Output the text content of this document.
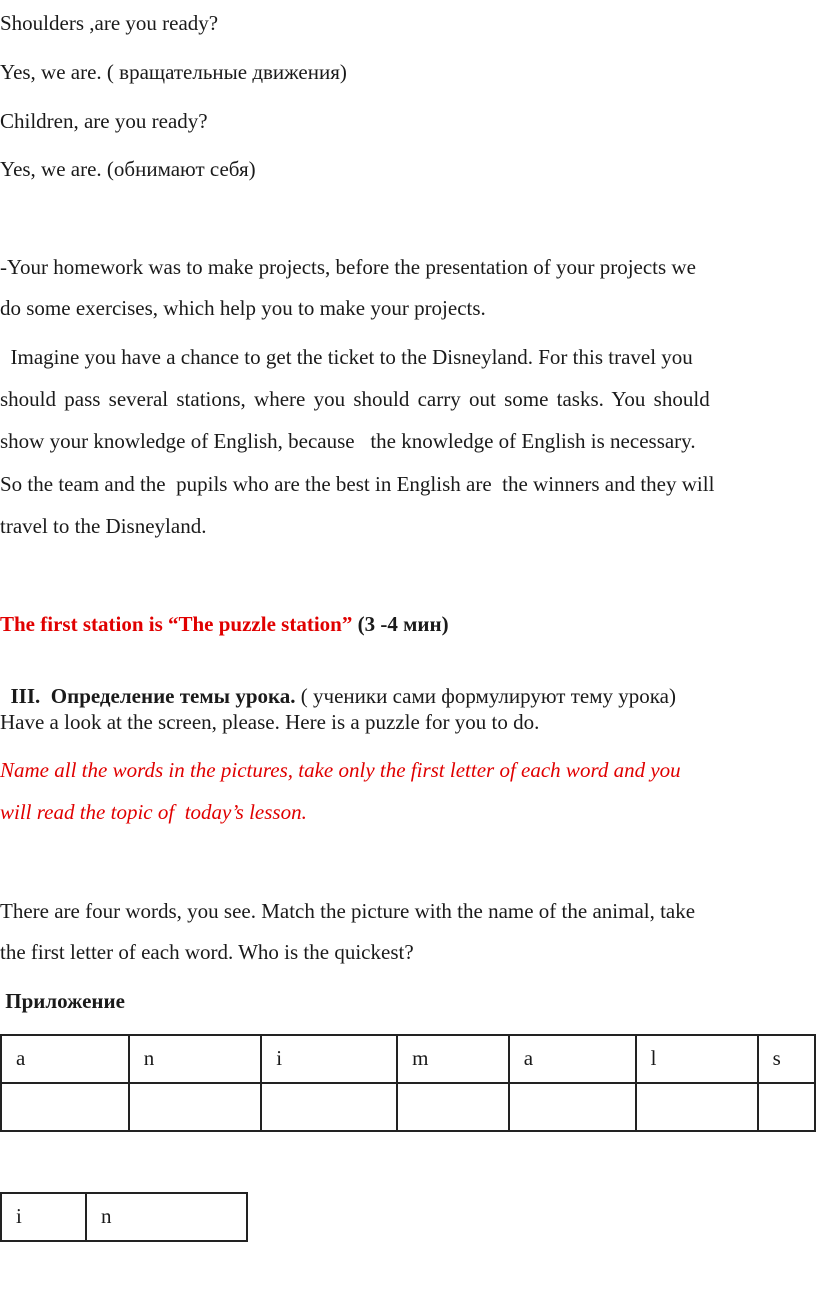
Shoulders ,are you ready?
Yes, we are. ( вращательные движения)
Children, are you ready?
Yes, we are. (обнимают себя)
-Your homework was to make projects, before the presentation of your projects we
do some exercises, which help you to make your projects.
Imagine you have a chance to get the ticket to the Disneyland. For this travel you
should pass several stations, where you should carry out some tasks. You should
show your knowledge of English, because   the knowledge of English is necessary.
So the team and the  pupils who are the best in English are  the winners and they will
travel to the Disneyland.
The first station is “The puzzle station” (3 -4 мин)

III.  Определение темы урока. ( ученики сами формулируют тему урока)

Have a look at the screen, please. Here is a puzzle for you to do.
Name all the words in the pictures, take only the first letter of each word and you
will read the topic of  today’s lesson.
There are four words, you see. Match the picture with the name of the animal, take
the first letter of each word. Who is the quickest?
Приложение
a	n	i	m	a	l	s

i	n
